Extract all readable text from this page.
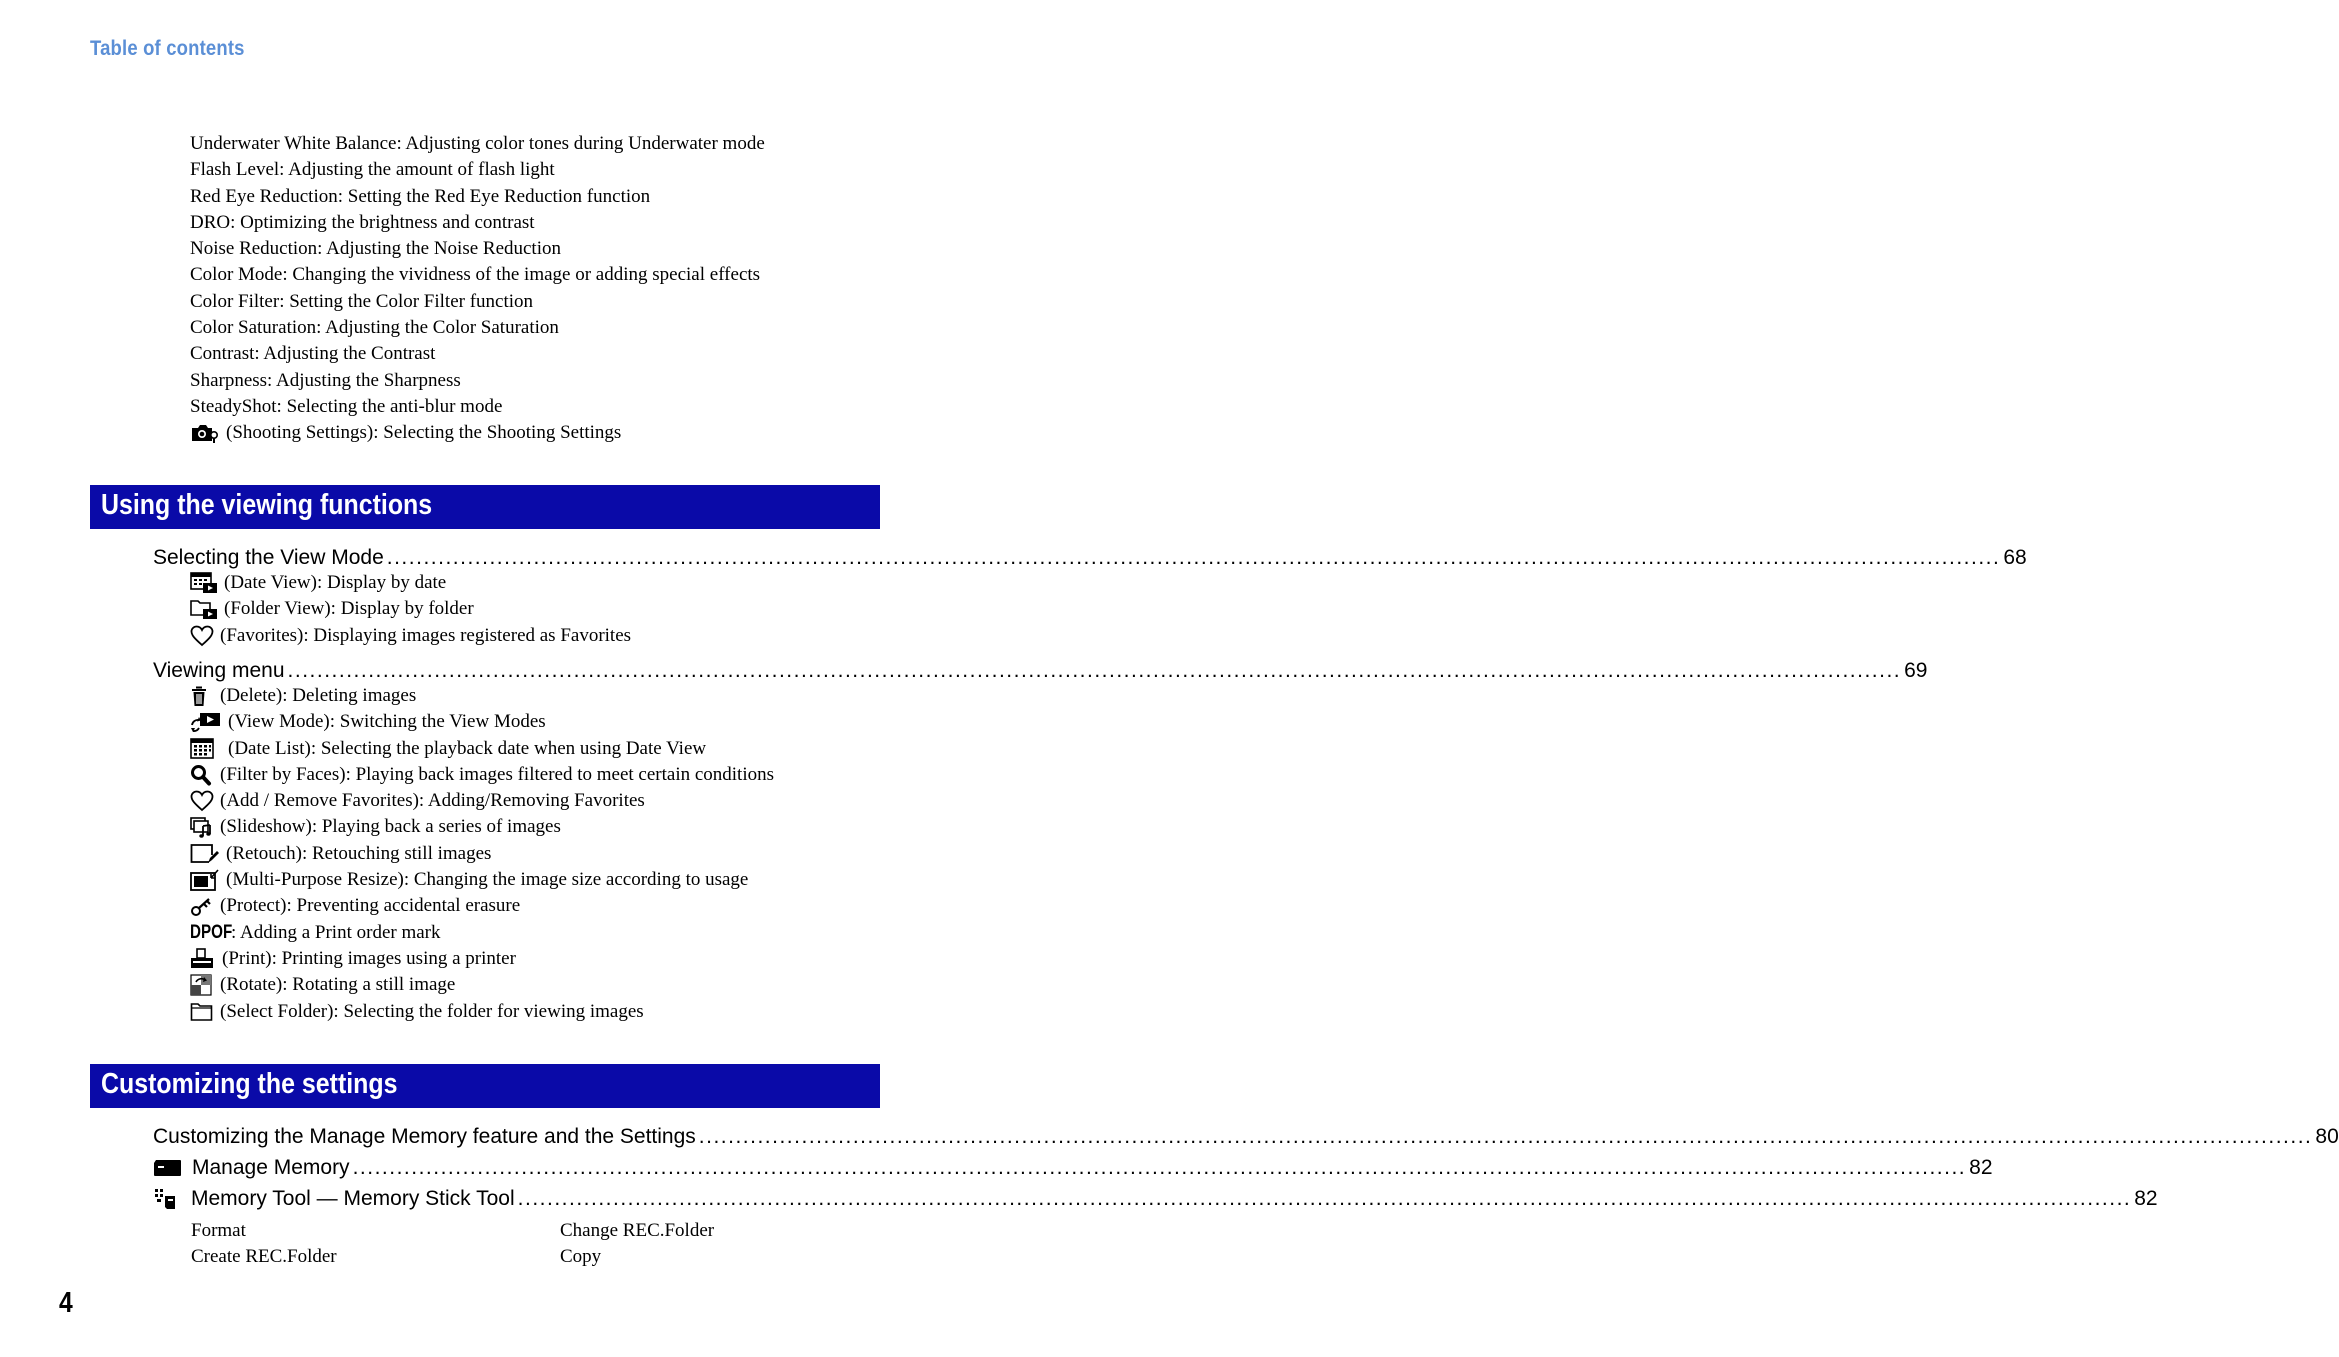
Table of contents
Underwater White Balance: Adjusting color tones during Underwater mode
Flash Level: Adjusting the amount of flash light
Red Eye Reduction: Setting the Red Eye Reduction function
DRO: Optimizing the brightness and contrast
Noise Reduction: Adjusting the Noise Reduction
Color Mode: Changing the vividness of the image or adding special effects
Color Filter: Setting the Color Filter function
Color Saturation: Adjusting the Color Saturation
Contrast: Adjusting the Contrast
Sharpness: Adjusting the Sharpness
SteadyShot: Selecting the anti-blur mode
(Shooting Settings): Selecting the Shooting Settings
Using the viewing functions
Selecting the View Mode ............................................................................................................................................................................................................................ 68
(Date View): Display by date
(Folder View): Display by folder
(Favorites): Displaying images registered as Favorites
Viewing menu ............................................................................................................................................................................................................................ 69
(Delete): Deleting images
(View Mode): Switching the View Modes
(Date List): Selecting the playback date when using Date View
(Filter by Faces): Playing back images filtered to meet certain conditions
(Add / Remove Favorites): Adding/Removing Favorites
(Slideshow): Playing back a series of images
(Retouch): Retouching still images
(Multi-Purpose Resize): Changing the image size according to usage
(Protect): Preventing accidental erasure
DPOF
: Adding a Print order mark
(Print): Printing images using a printer
(Rotate): Rotating a still image
(Select Folder): Selecting the folder for viewing images
Customizing the settings
Customizing the Manage Memory feature and the Settings ............................................................................................................................................................................................................................ 80
Manage Memory ............................................................................................................................................................................................................................ 82
Memory Tool — Memory Stick Tool ............................................................................................................................................................................................................................ 82
Format	Change REC.Folder
Create REC.Folder	Copy
4
